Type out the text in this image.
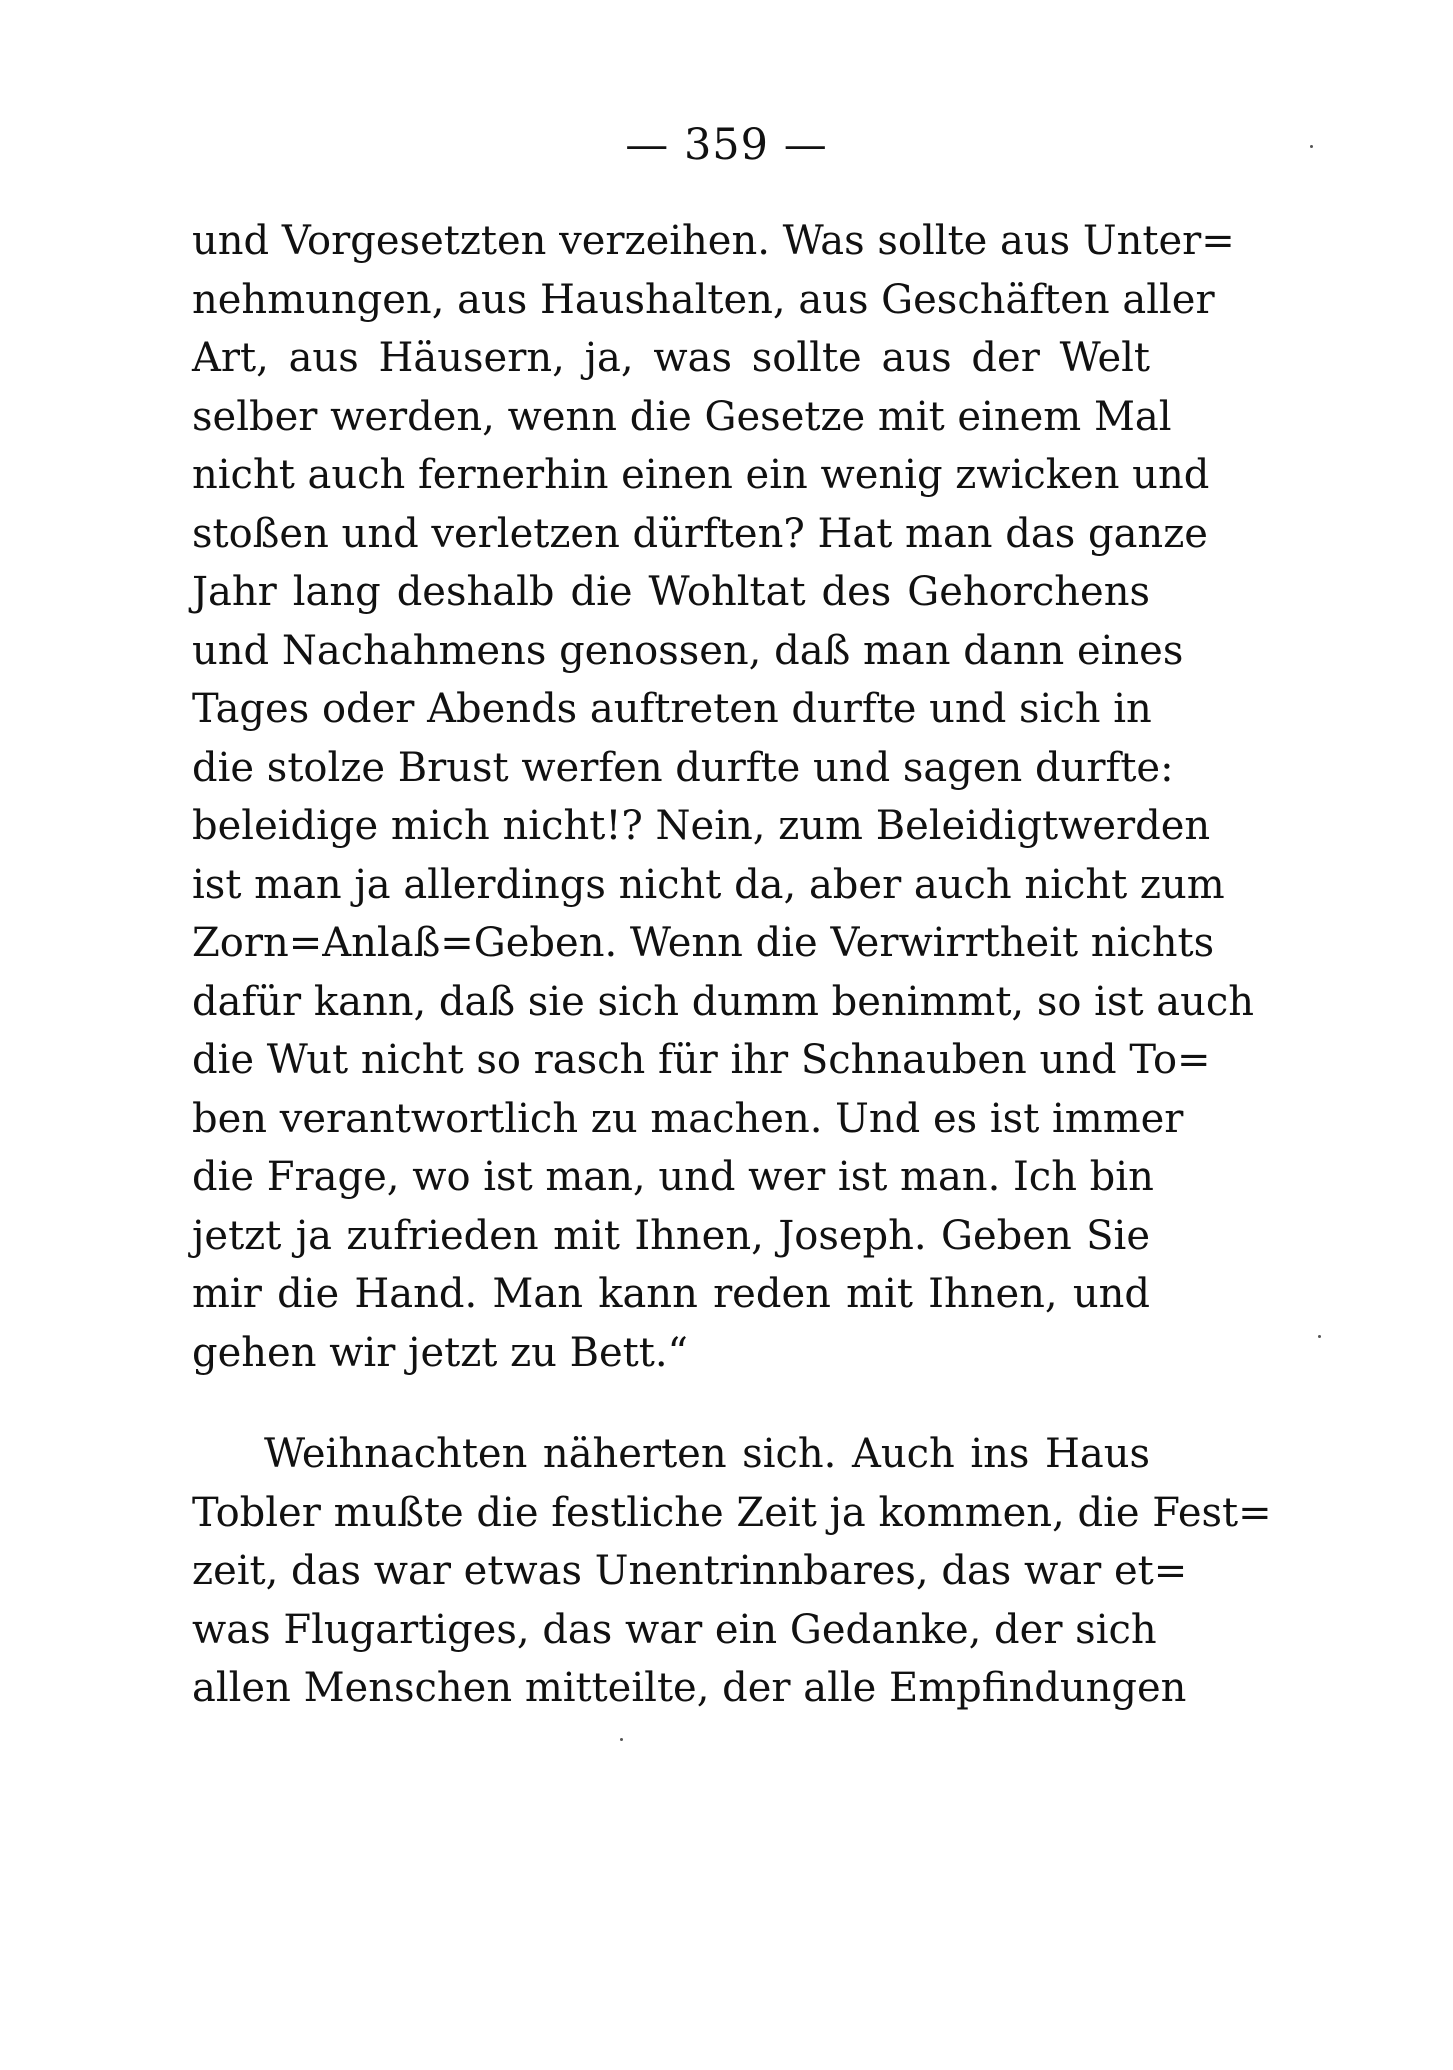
— 359 —
und Vorgesetzten verzeihen. Was sollte aus Unter=
nehmungen, aus Haushalten, aus Geschäften aller
Art, aus Häusern, ja, was sollte aus der Welt
selber werden, wenn die Gesetze mit einem Mal
nicht auch fernerhin einen ein wenig zwicken und
stoßen und verletzen dürften? Hat man das ganze
Jahr lang deshalb die Wohltat des Gehorchens
und Nachahmens genossen, daß man dann eines
Tages oder Abends auftreten durfte und sich in
die stolze Brust werfen durfte und sagen durfte:
beleidige mich nicht!? Nein, zum Beleidigtwerden
ist man ja allerdings nicht da, aber auch nicht zum
Zorn=Anlaß=Geben. Wenn die Verwirrtheit nichts
dafür kann, daß sie sich dumm benimmt, so ist auch
die Wut nicht so rasch für ihr Schnauben und To=
ben verantwortlich zu machen. Und es ist immer
die Frage, wo ist man, und wer ist man. Ich bin
jetzt ja zufrieden mit Ihnen, Joseph. Geben Sie
mir die Hand. Man kann reden mit Ihnen, und
gehen wir jetzt zu Bett.“
Weihnachten näherten sich. Auch ins Haus
Tobler mußte die festliche Zeit ja kommen, die Fest=
zeit, das war etwas Unentrinnbares, das war et=
was Flugartiges, das war ein Gedanke, der sich
allen Menschen mitteilte, der alle Empfindungen
